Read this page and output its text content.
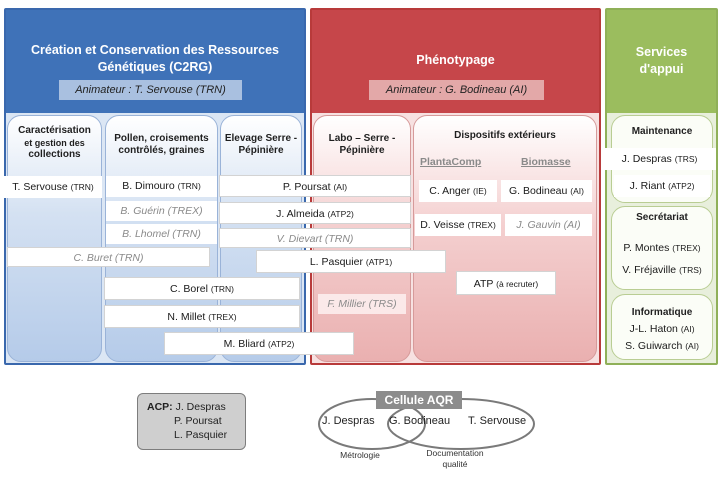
Création et Conservation des Ressources
Génétiques (C2RG)	Phénotypage
Services
d'appui
Animateur : T. Servouse (TRN)	Animateur : G. Bodineau (AI)
Caractérisation
et gestion des
collections
Pollen, croisements
contrôlés, graines
Elevage Serre -
Pépinière
Labo – Serre -
Pépinière
Dispositifs extérieurs
PlantaComp	Biomasse
Maintenance
Secrétariat
Informatique
T. Servouse (TRN)	B. Dimouro (TRN)
B. Guérin (TREX)
B. Lhomel (TRN)
C. Buret (TRN)
P. Poursat (AI)
J. Almeida (ATP2)
V. Dievart (TRN)
L. Pasquier (ATP1)
C. Borel (TRN)
N. Millet (TREX)
M. Bliard (ATP2)
C. Anger (IE)	G. Bodineau (AI)
D. Veisse (TREX)	J. Gauvin (AI)
ATP (à recruter)
F. Millier (TRS)
J. Despras (TRS)
J. Riant (ATP2)
P. Montes (TREX)
V. Fréjaville (TRS)
J-L. Haton (AI)
S. Guiwarch (AI)
ACP: J. Despras
P. Poursat
L. Pasquier
Cellule AQR
J. Despras G. Bodineau T. Servouse
Métrologie	Documentation
qualité
